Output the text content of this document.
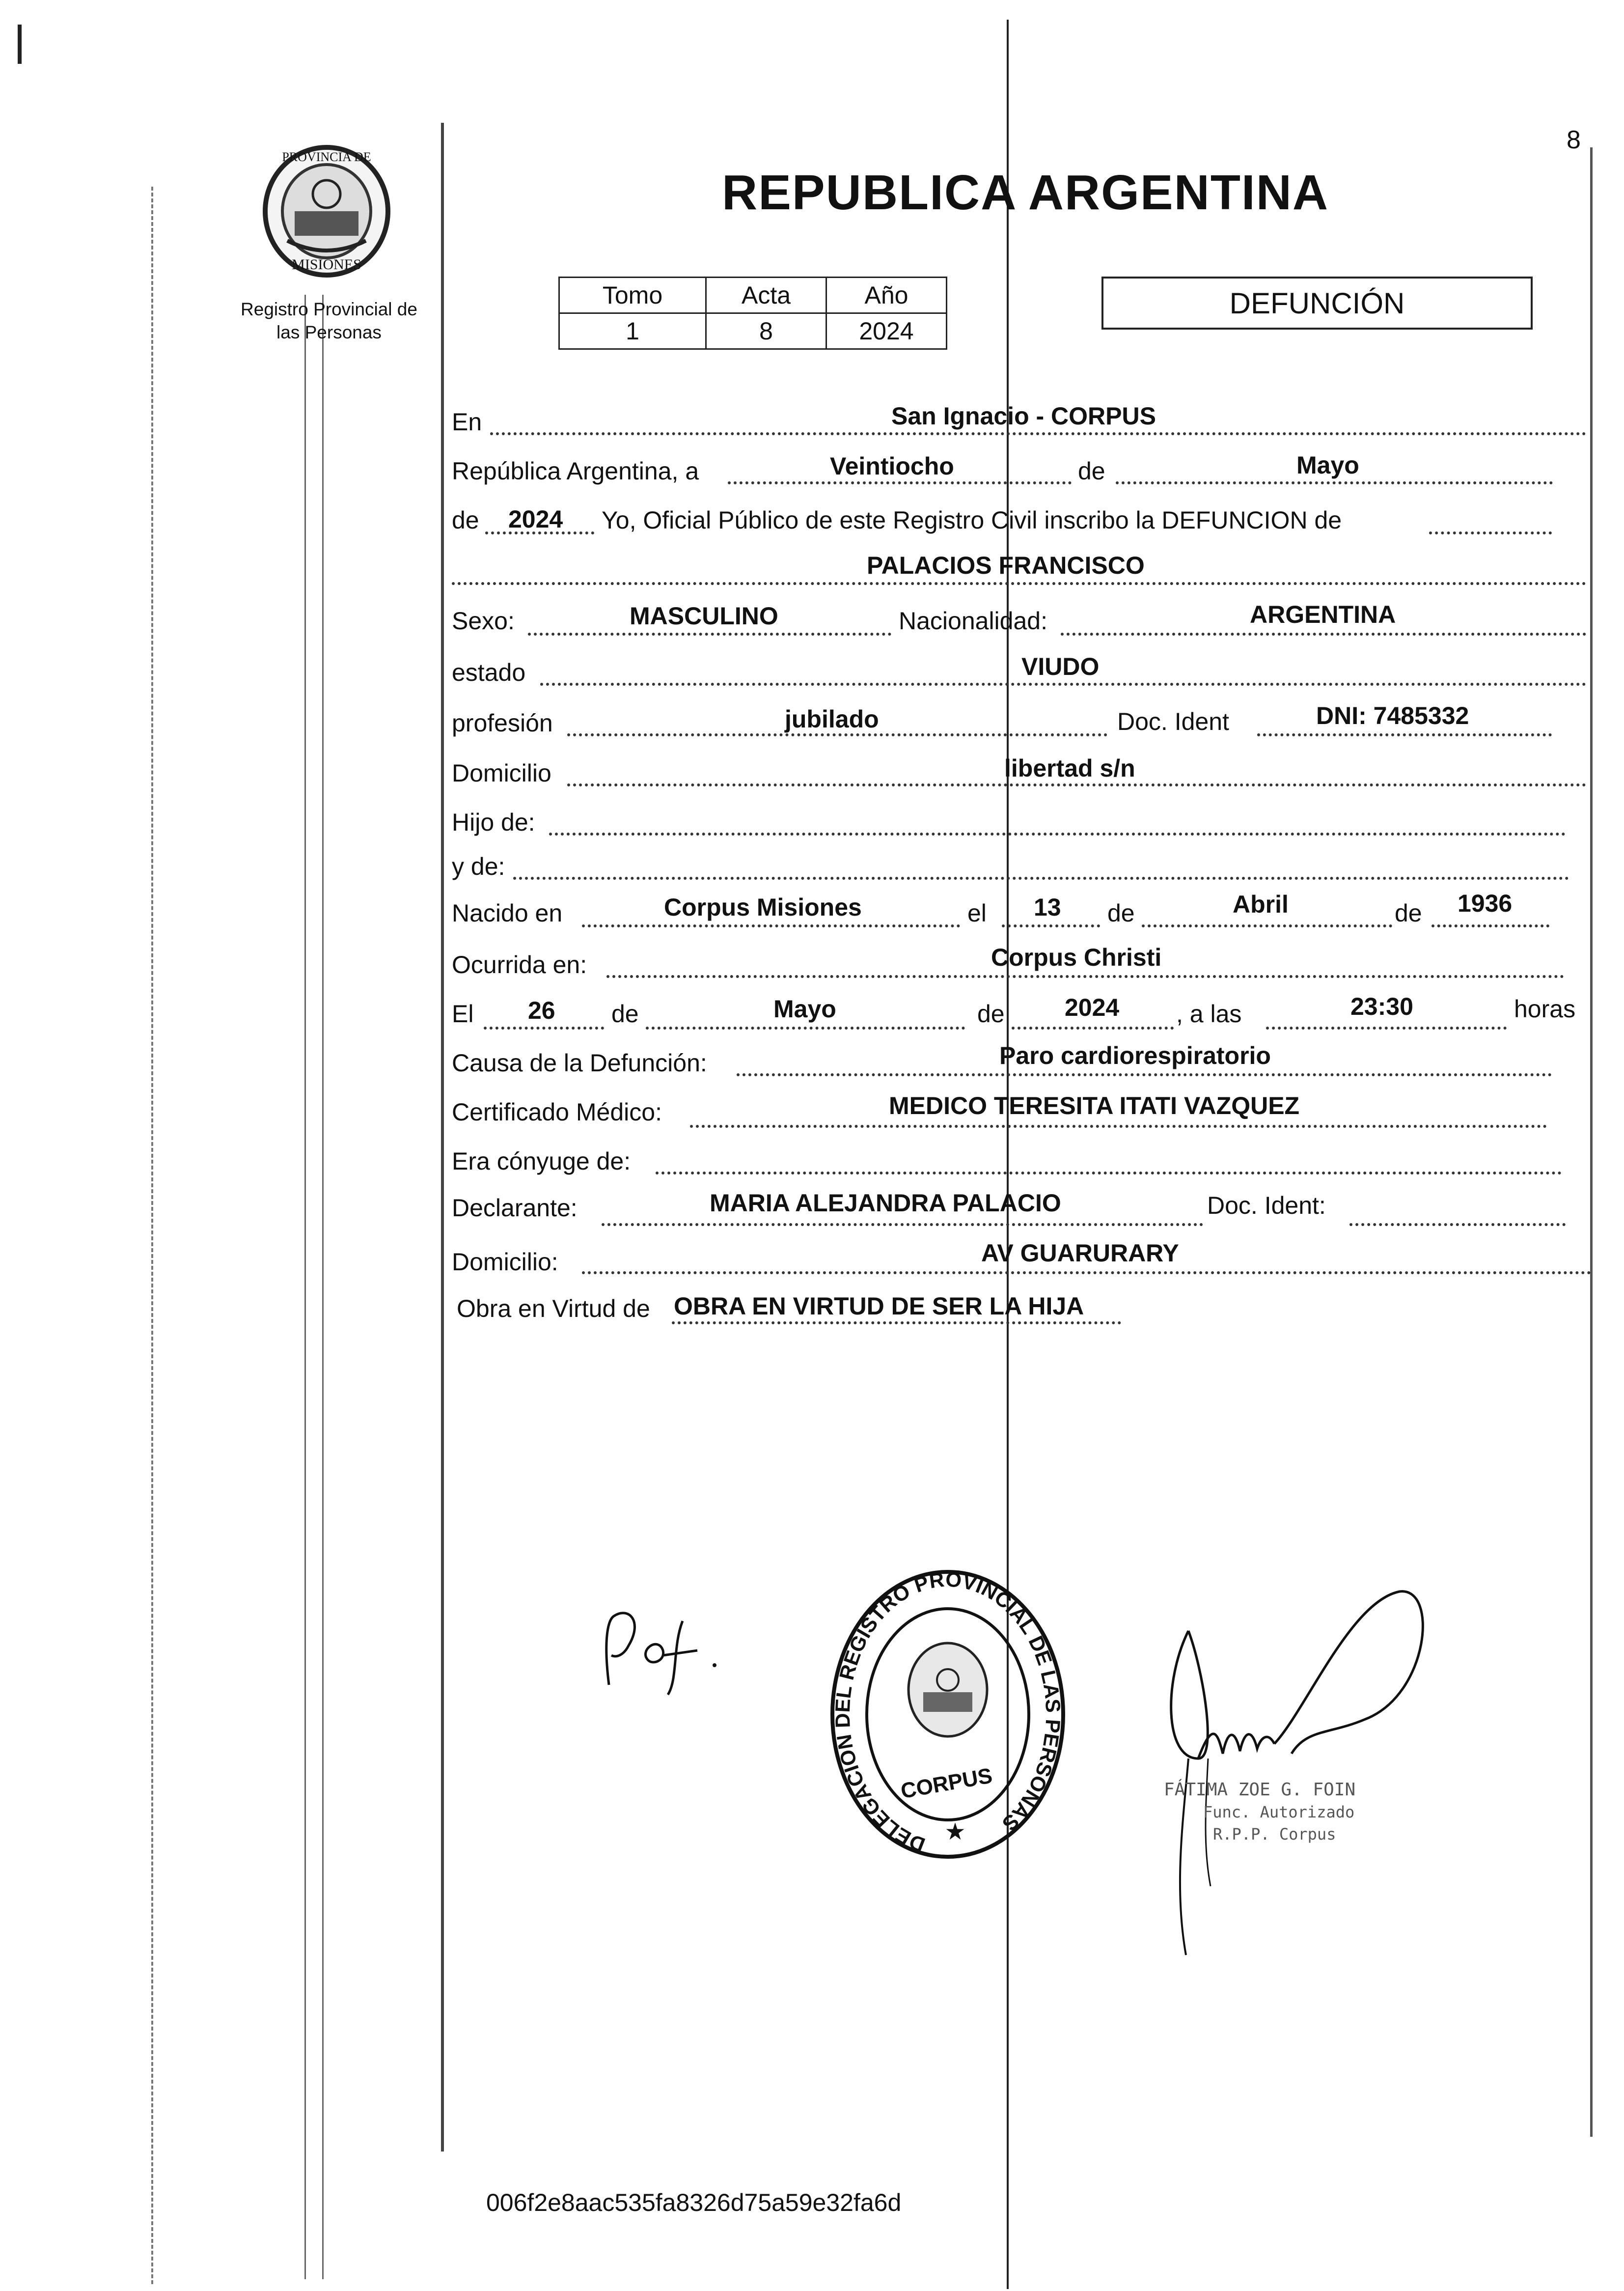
8
PROVINCIA DE
MISIONES
Registro Provincial de
las Personas
REPUBLICA ARGENTINA
Tomo	Acta	Año
1	8	2024
DEFUNCIÓN
En	San Ignacio - CORPUS
República Argentina, a	Veintiocho	de	Mayo
de 2024 Yo, Oficial Público de este Registro Civil inscribo la DEFUNCION de
PALACIOS FRANCISCO
Sexo:	MASCULINO	Nacionalidad:	ARGENTINA
estado	VIUDO
profesión	jubilado	Doc. Ident	DNI: 7485332
Domicilio	libertad s/n
Hijo de:
y de:
Nacido en	Corpus Misiones	el 13 de	Abril	de 1936
Ocurrida en:	Corpus Christi
El 26 de	Mayo	de 2024 , a las	23:30	horas
Causa de la Defunción:	Paro cardiorespiratorio
Certificado Médico:	MEDICO TERESITA ITATI VAZQUEZ
Era cónyuge de:
Declarante:	MARIA ALEJANDRA PALACIO	Doc. Ident:
Domicilio:	AV GUARURARY
Obra en Virtud de OBRA EN VIRTUD DE SER LA HIJA
DELEGACION DEL REGISTRO PROVINCIAL DE LAS PERSONAS
CORPUS
★
FÁTIMA ZOE G. FOIN
Func. Autorizado
R.P.P. Corpus
006f2e8aac535fa8326d75a59e32fa6d
